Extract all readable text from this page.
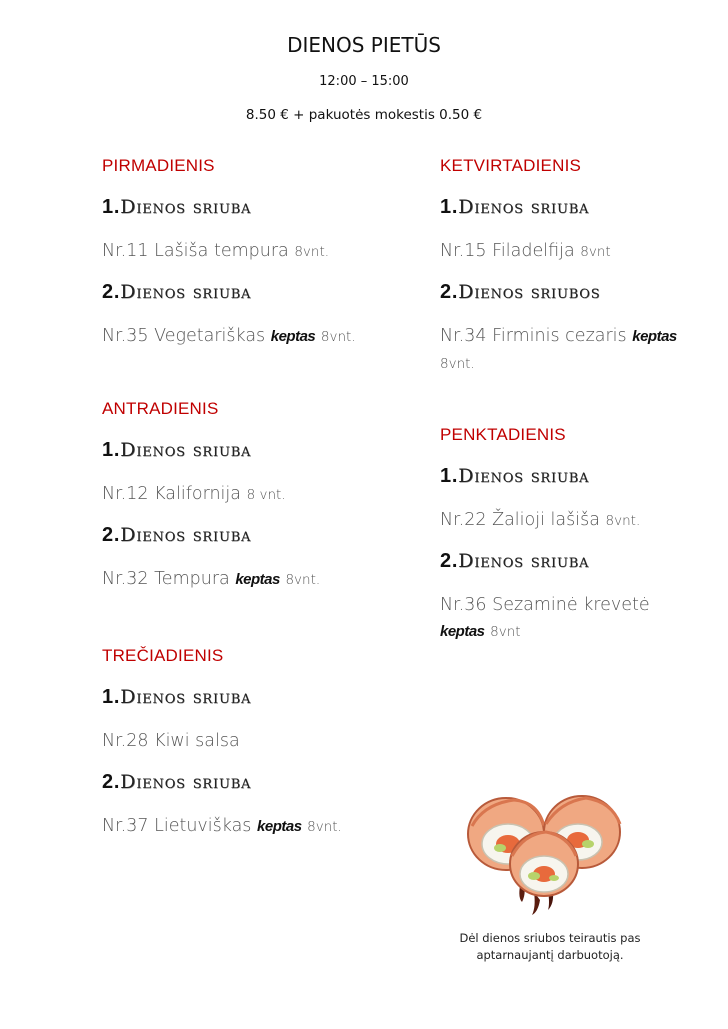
DIENOS PIETŪS
12:00 – 15:00
8.50 € + pakuotės mokestis 0.50 €
PIRMADIENIS
1.Dienos sriuba
Nr.11 Lašiša tempura 8vnt.
2.Dienos sriuba
Nr.35 Vegetariškas keptas 8vnt.
ANTRADIENIS
1.Dienos sriuba
Nr.12 Kalifornija 8 vnt.
2.Dienos sriuba
Nr.32 Tempura keptas 8vnt.
TREČIADIENIS
1.Dienos sriuba
Nr.28 Kiwi salsa
2.Dienos sriuba
Nr.37 Lietuviškas keptas 8vnt.
KETVIRTADIENIS
1.Dienos sriuba
Nr.15 Filadelfija 8vnt
2.Dienos sriubos
Nr.34 Firminis cezaris keptas
8vnt.
PENKTADIENIS
1.Dienos sriuba
Nr.22 Žalioji lašiša 8vnt.
2.Dienos sriuba
Nr.36 Sezaminė krevetė
keptas 8vnt
Dėl dienos sriubos teirautis pas
aptarnaujantį darbuotoją.
